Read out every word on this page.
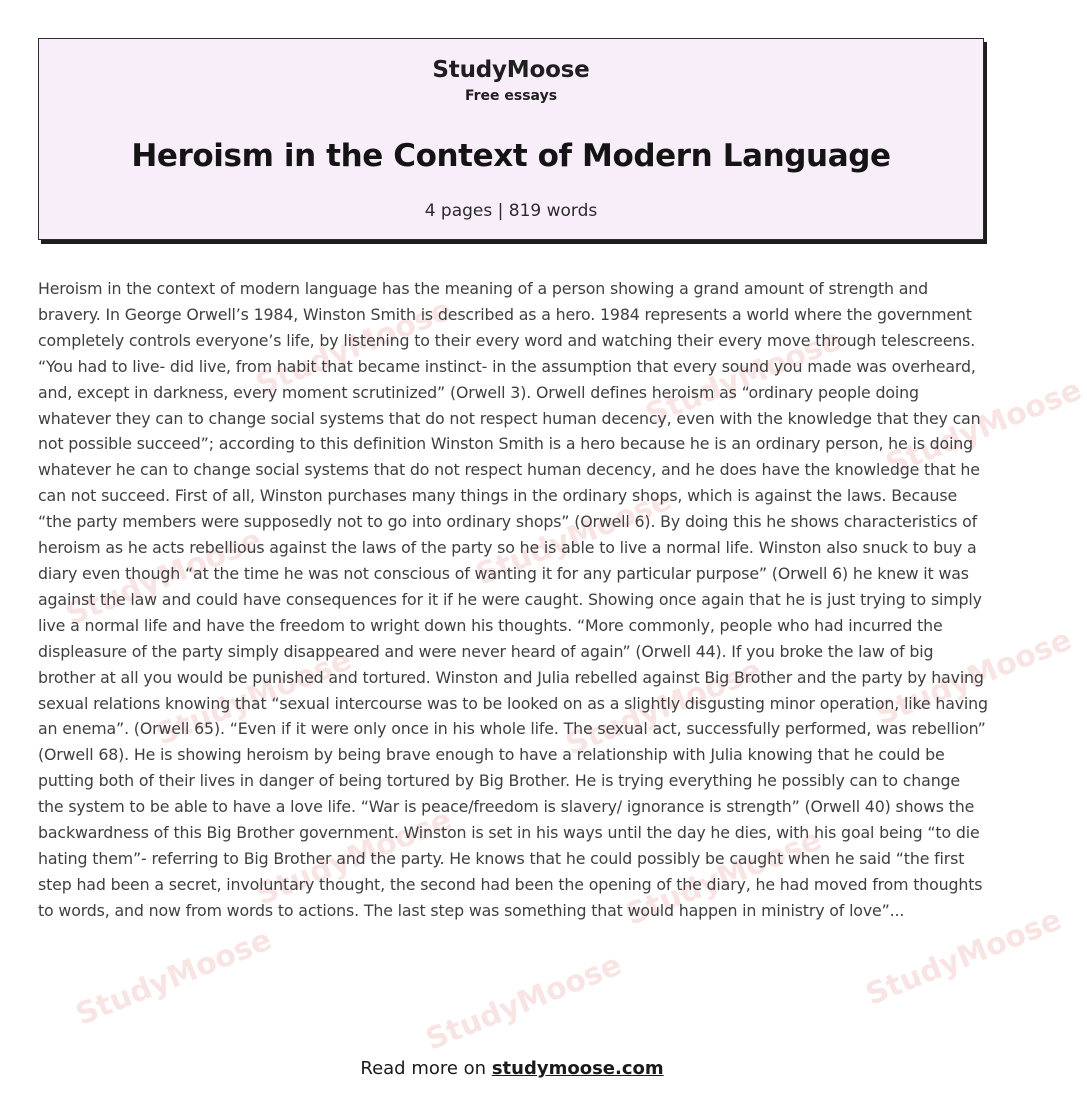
StudyMoose	StudyMoose StudyMoose
StudyMoose	StudyMoose
StudyMoose	StudyMoose	StudyMoose
StudyMoose	StudyMoose
StudyMoose	StudyMoose	StudyMoose
StudyMoose
Free essays
Heroism in the Context of Modern Language
4 pages | 819 words

Heroism in the context of modern language has the meaning of a person showing a grand amount of strength and bravery. In George Orwell’s 1984, Winston Smith is described as a hero. 1984 represents a world where the government completely controls everyone’s life, by listening to their every word and watching their every move through telescreens. “You had to live- did live, from habit that became instinct- in the assumption that every sound you made was overheard, and, except in darkness, every moment scrutinized” (Orwell 3). Orwell defines heroism as “ordinary people doing whatever they can to change social systems that do not respect human decency, even with the knowledge that they can not possible succeed”; according to this definition Winston Smith is a hero because he is an ordinary person, he is doing whatever he can to change social systems that do not respect human decency, and he does have the knowledge that he can not succeed. First of all, Winston purchases many things in the ordinary shops, which is against the laws. Because “the party members were supposedly not to go into ordinary shops” (Orwell 6). By doing this he shows characteristics of heroism as he acts rebellious against the laws of the party so he is able to live a normal life. Winston also snuck to buy a diary even though “at the time he was not conscious of wanting it for any particular purpose” (Orwell 6) he knew it was against the law and could have consequences for it if he were caught. Showing once again that he is just trying to simply live a normal life and have the freedom to wright down his thoughts. “More commonly, people who had incurred the displeasure of the party simply disappeared and were never heard of again” (Orwell 44). If you broke the law of big brother at all you would be punished and tortured. Winston and Julia rebelled against Big Brother and the party by having sexual relations knowing that “sexual intercourse was to be looked on as a slightly disgusting minor operation, like having an enema”. (Orwell 65). “Even if it were only once in his whole life. The sexual act, successfully performed, was rebellion” (Orwell 68). He is showing heroism by being brave enough to have a relationship with Julia knowing that he could be putting both of their lives in danger of being tortured by Big Brother. He is trying everything he possibly can to change the system to be able to have a love life. “War is peace/freedom is slavery/ ignorance is strength” (Orwell 40) shows the backwardness of this Big Brother government. Winston is set in his ways until the day he dies, with his goal being “to die hating them”- referring to Big Brother and the party. He knows that he could possibly be caught when he said “the first step had been a secret, involuntary thought, the second had been the opening of the diary, he had moved from thoughts to words, and now from words to actions. The last step was something that would happen in ministry of love”...

Read more on studymoose.com
